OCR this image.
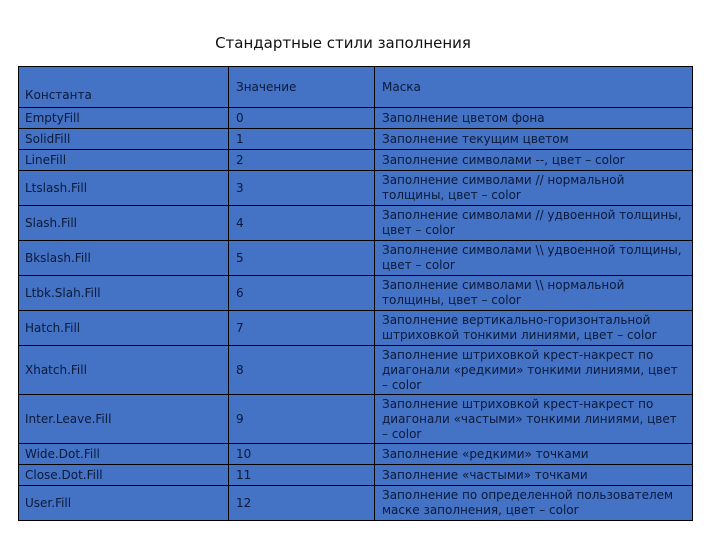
Стандартные стили заполнения
Константа	Значение	Маска
EmptyFill	0	Заполнение цветом фона
SolidFill	1	Заполнение текущим цветом
LineFill	2	Заполнение символами --, цвет – color
Ltslash.Fill	3	Заполнение символами // нормальной толщины, цвет – color
Slash.Fill	4	Заполнение символами // удвоенной толщины, цвет – color
Bkslash.Fill	5	Заполнение символами \\ удвоенной толщины, цвет – color
Ltbk.Slah.Fill	6	Заполнение символами \\ нормальной толщины, цвет – color
Hatch.Fill	7	Заполнение вертикально-горизонтальной штриховкой тонкими линиями, цвет – color
Xhatch.Fill	8	Заполнение штриховкой крест-накрест по диагонали «редкими» тонкими линиями, цвет – color
Inter.Leave.Fill	9	Заполнение штриховкой крест-накрест по диагонали «частыми» тонкими линиями, цвет – color
Wide.Dot.Fill	10	Заполнение «редкими» точками
Close.Dot.Fill	11	Заполнение «частыми» точками
User.Fill	12	Заполнение по определенной пользователем маске заполнения, цвет – color
